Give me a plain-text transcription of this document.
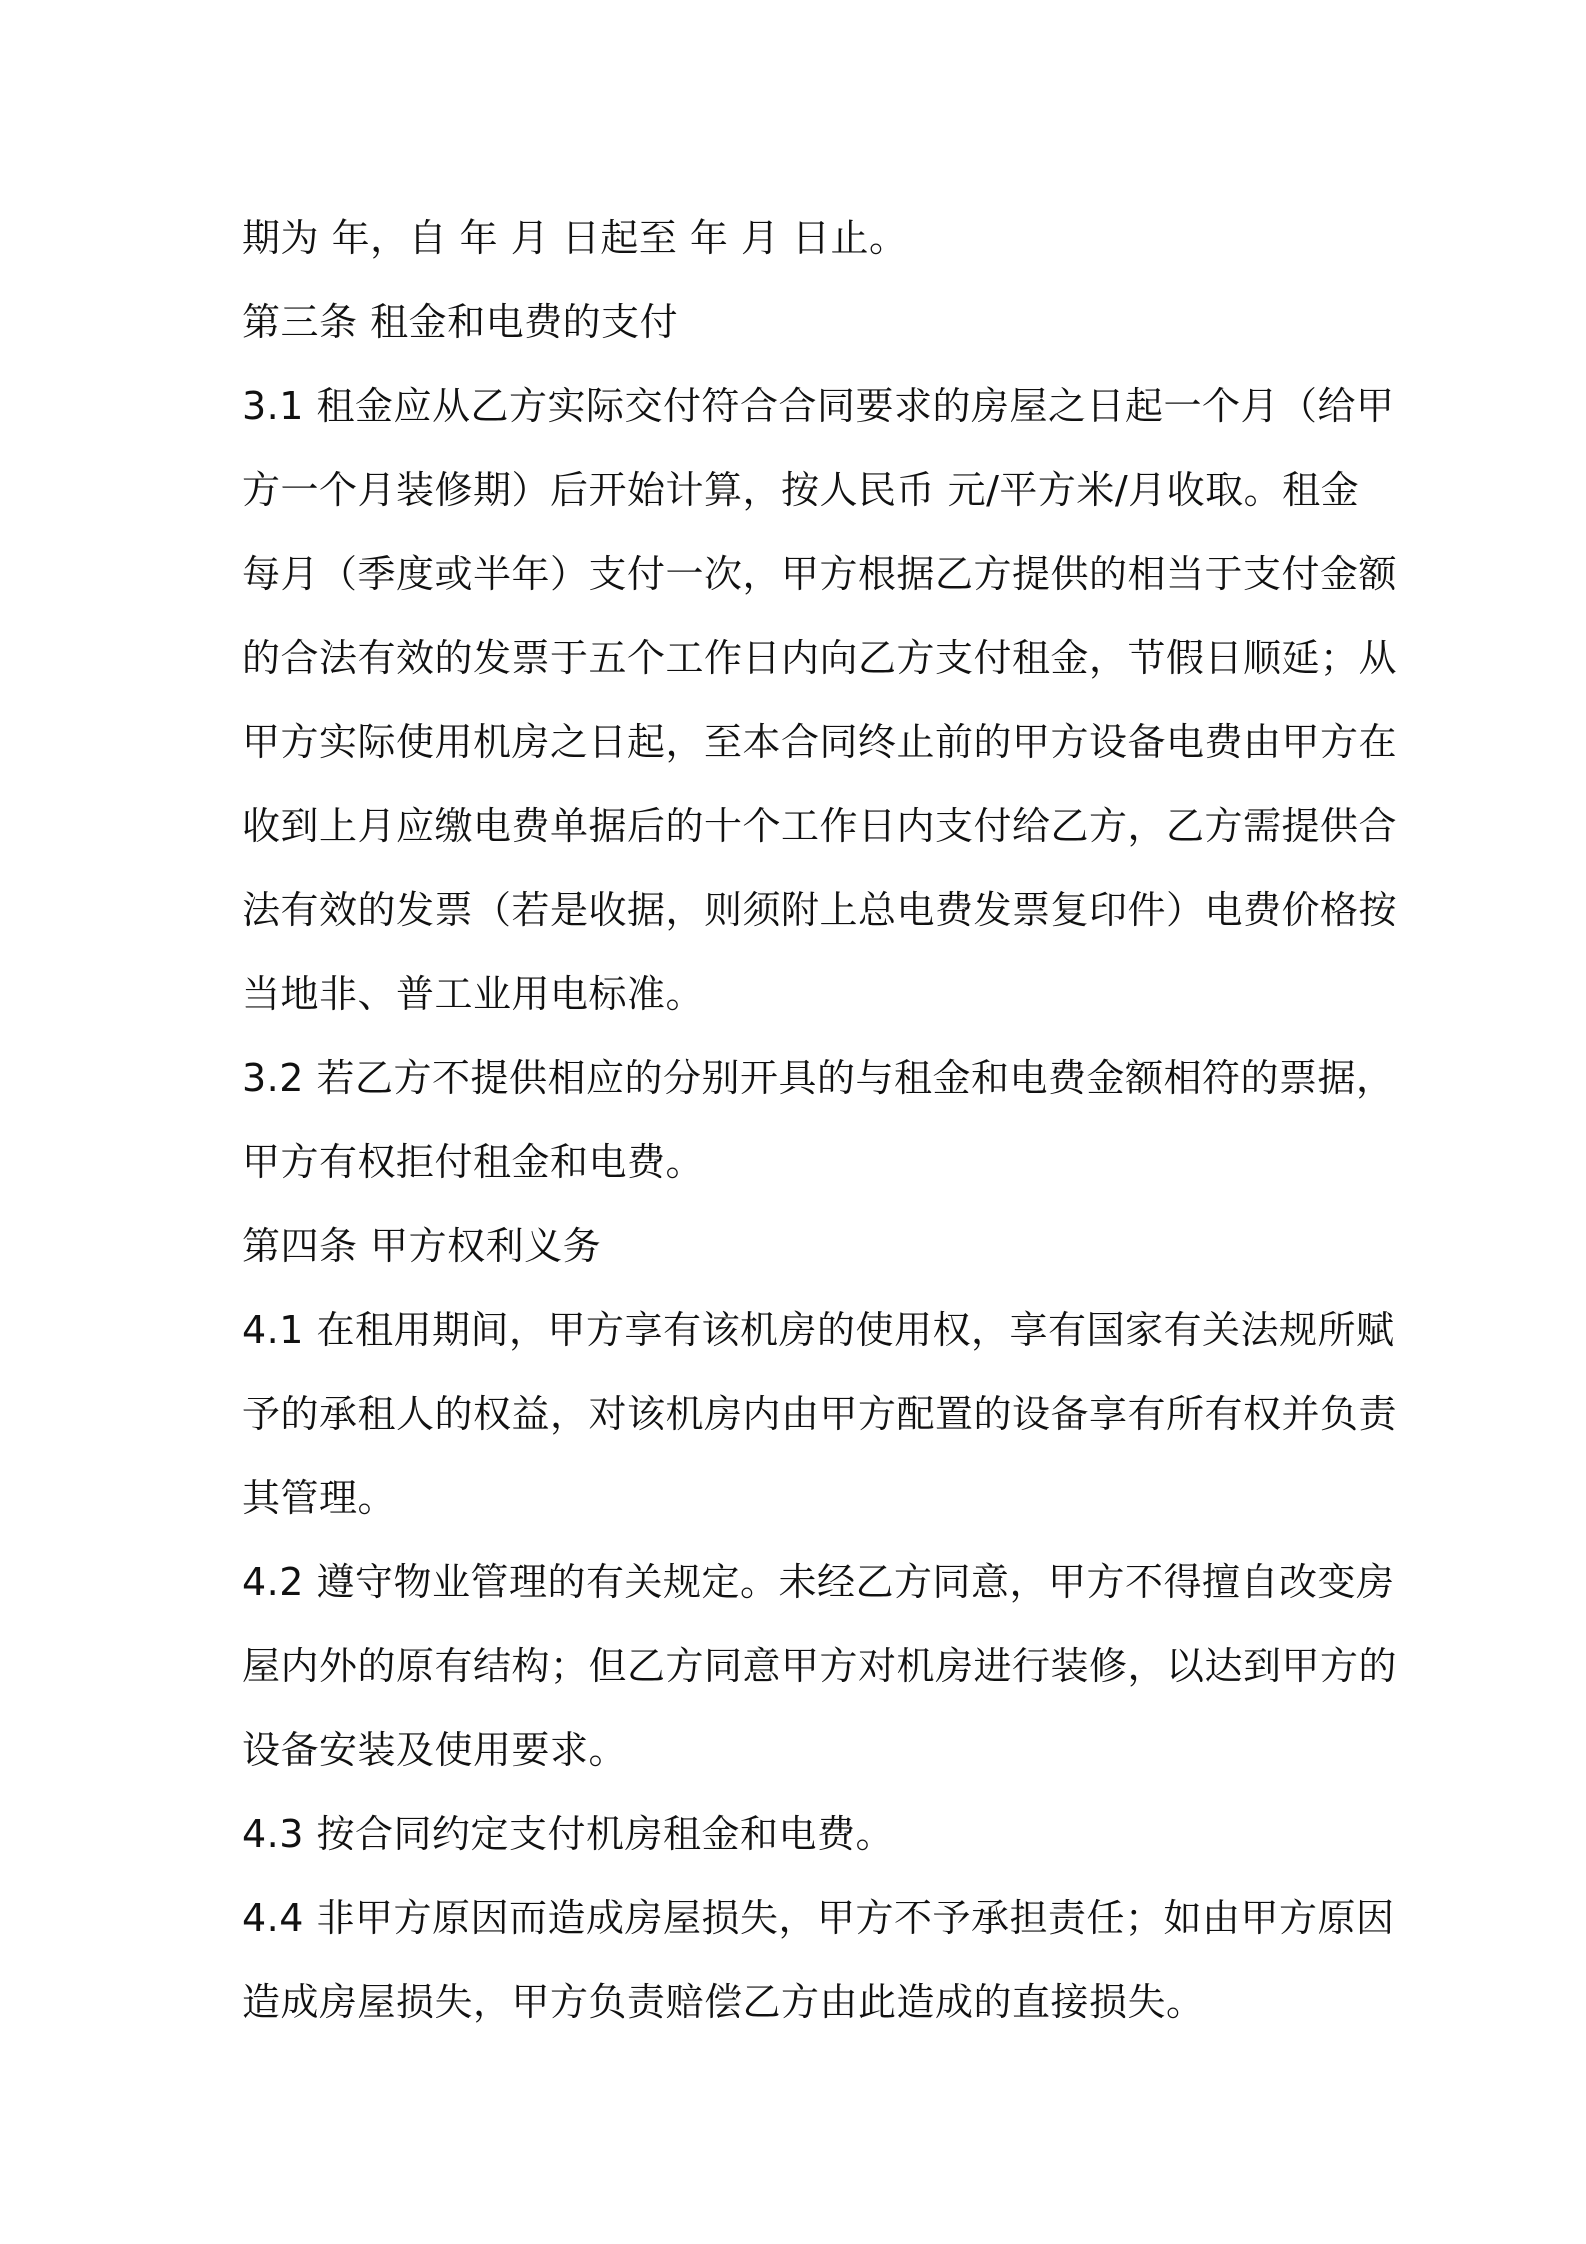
期为 年，自 年 月 日起至 年 月 日止。
第三条 租金和电费的支付
3.1 租金应从乙方实际交付符合合同要求的房屋之日起一个月（给甲
方一个月装修期）后开始计算，按人民币 元/平方米/月收取。租金
每月（季度或半年）支付一次，甲方根据乙方提供的相当于支付金额
的合法有效的发票于五个工作日内向乙方支付租金，节假日顺延；从
甲方实际使用机房之日起，至本合同终止前的甲方设备电费由甲方在
收到上月应缴电费单据后的十个工作日内支付给乙方，乙方需提供合
法有效的发票（若是收据，则须附上总电费发票复印件）电费价格按
当地非、普工业用电标准。
3.2 若乙方不提供相应的分别开具的与租金和电费金额相符的票据，
甲方有权拒付租金和电费。
第四条 甲方权利义务
4.1 在租用期间，甲方享有该机房的使用权，享有国家有关法规所赋
予的承租人的权益，对该机房内由甲方配置的设备享有所有权并负责
其管理。
4.2 遵守物业管理的有关规定。未经乙方同意，甲方不得擅自改变房
屋内外的原有结构；但乙方同意甲方对机房进行装修，以达到甲方的
设备安装及使用要求。
4.3 按合同约定支付机房租金和电费。
4.4 非甲方原因而造成房屋损失，甲方不予承担责任；如由甲方原因
造成房屋损失，甲方负责赔偿乙方由此造成的直接损失。
